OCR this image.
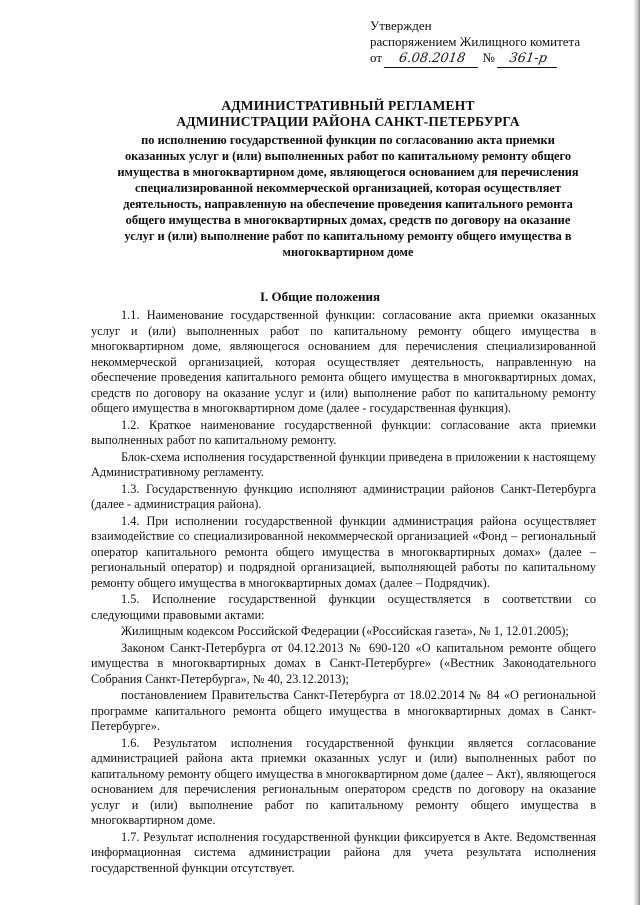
Утвержден
распоряжением Жилищного комитета
от 6.08.2018 № 361-р
АДМИНИСТРАТИВНЫЙ РЕГЛАМЕНТ
АДМИНИСТРАЦИИ РАЙОНА САНКТ-ПЕТЕРБУРГА
по исполнению государственной функции по согласованию акта приемки оказанных услуг и (или) выполненных работ по капитальному ремонту общего имущества в многоквартирном доме, являющегося основанием для перечисления специализированной некоммерческой организацией, которая осуществляет деятельность, направленную на обеспечение проведения капитального ремонта общего имущества в многоквартирных домах, средств по договору на оказание услуг и (или) выполнение работ по капитальному ремонту общего имущества в многоквартирном доме
I. Общие положения

1.1. Наименование государственной функции: согласование акта приемки оказанных услуг и (или) выполненных работ по капитальному ремонту общего имущества в многоквартирном доме, являющегося основанием для перечисления специализированной некоммерческой организацией, которая осуществляет деятельность, направленную на обеспечение проведения капитального ремонта общего имущества в многоквартирных домах, средств по договору на оказание услуг и (или) выполнение работ по капитальному ремонту общего имущества в многоквартирном доме (далее - государственная функция).

1.2. Краткое наименование государственной функции: согласование акта приемки выполненных работ по капитальному ремонту.

Блок-схема исполнения государственной функции приведена в приложении к настоящему Административному регламенту.

1.3. Государственную функцию исполняют администрации районов Санкт-Петербурга (далее - администрация района).

1.4. При исполнении государственной функции администрация района осуществляет взаимодействие со специализированной некоммерческой организацией «Фонд – региональный оператор капитального ремонта общего имущества в многоквартирных домах» (далее – региональный оператор) и подрядной организацией, выполняющей работы по капитальному ремонту общего имущества в многоквартирных домах (далее – Подрядчик).

1.5. Исполнение государственной функции осуществляется в соответствии со следующими правовыми актами:

Жилищным кодексом Российской Федерации («Российская газета», № 1, 12.01.2005);

Законом Санкт-Петербурга от 04.12.2013 № 690-120 «О капитальном ремонте общего имущества в многоквартирных домах в Санкт-Петербурге» («Вестник Законодательного Собрания Санкт-Петербурга», № 40, 23.12.2013);

постановлением Правительства Санкт-Петербурга от 18.02.2014 № 84 «О региональной программе капитального ремонта общего имущества в многоквартирных домах в Санкт-Петербурге».

1.6. Результатом исполнения государственной функции является согласование администрацией района акта приемки оказанных услуг и (или) выполненных работ по капитальному ремонту общего имущества в многоквартирном доме (далее – Акт), являющегося основанием для перечисления региональным оператором средств по договору на оказание услуг и (или) выполнение работ по капитальному ремонту общего имущества в многоквартирном доме.

1.7. Результат исполнения государственной функции фиксируется в Акте. Ведомственная информационная система администрации района для учета результата исполнения государственной функции отсутствует.
